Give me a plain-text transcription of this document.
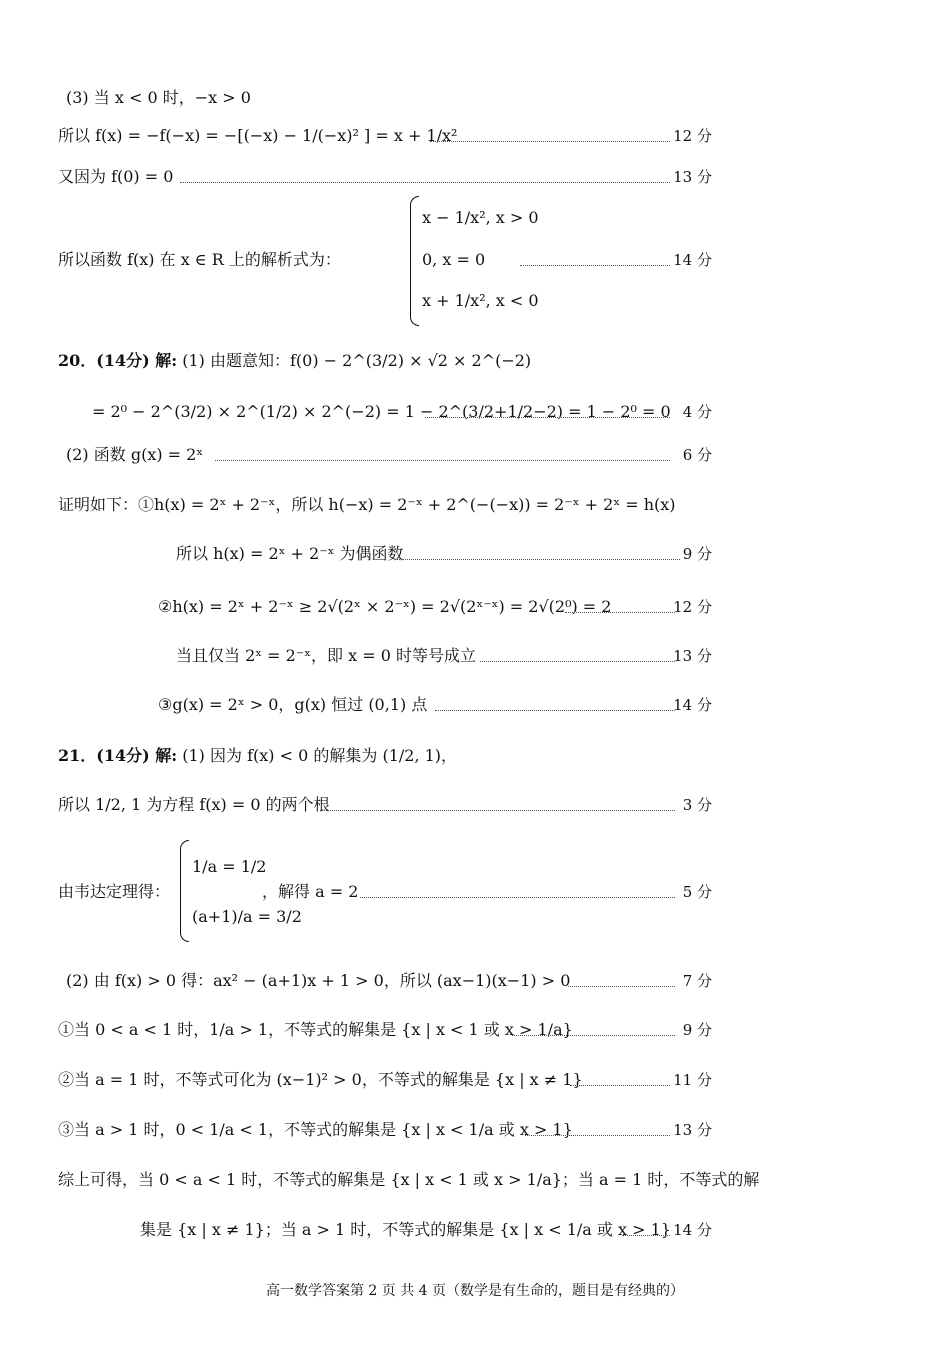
(3) 当 x < 0 时，−x > 0
所以 f(x) = −f(−x) = −[(−x) − 1/(−x)² ] = x + 1/x²	12 分
又因为 f(0) = 0	13 分
所以函数 f(x) 在 x ∈ R 上的解析式为：
x − 1/x², x > 0
0, x = 0
x + 1/x², x < 0
14 分
20．(14分) 解: (1) 由题意知：f(0) − 2^(3/2) × √2 × 2^(−2)
= 2⁰ − 2^(3/2) × 2^(1/2) × 2^(−2) = 1 − 2^(3/2+1/2−2) = 1 − 2⁰ = 0 4 分
(2) 函数 g(x) = 2ˣ	6 分
证明如下：①h(x) = 2ˣ + 2⁻ˣ，所以 h(−x) = 2⁻ˣ + 2^(−(−x)) = 2⁻ˣ + 2ˣ = h(x)
所以 h(x) = 2ˣ + 2⁻ˣ 为偶函数	9 分
②h(x) = 2ˣ + 2⁻ˣ ≥ 2√(2ˣ × 2⁻ˣ) = 2√(2ˣ⁻ˣ) = 2√(2⁰) = 2	12 分
当且仅当 2ˣ = 2⁻ˣ，即 x = 0 时等号成立	13 分
③g(x) = 2ˣ > 0，g(x) 恒过 (0,1) 点	14 分
21．(14分) 解: (1) 因为 f(x) < 0 的解集为 (1/2, 1)，
所以 1/2, 1 为方程 f(x) = 0 的两个根	3 分
由韦达定理得：
1/a = 1/2
(a+1)/a = 3/2
，解得 a = 2	5 分
(2) 由 f(x) > 0 得：ax² − (a+1)x + 1 > 0，所以 (ax−1)(x−1) > 0	7 分
①当 0 < a < 1 时，1/a > 1，不等式的解集是 {x | x < 1 或 x > 1/a}	9 分
②当 a = 1 时，不等式可化为 (x−1)² > 0，不等式的解集是 {x | x ≠ 1}	11 分
③当 a > 1 时，0 < 1/a < 1，不等式的解集是 {x | x < 1/a 或 x > 1}	13 分
综上可得，当 0 < a < 1 时，不等式的解集是 {x | x < 1 或 x > 1/a}；当 a = 1 时，不等式的解
集是 {x | x ≠ 1}；当 a > 1 时，不等式的解集是 {x | x < 1/a 或 x > 1} 14 分
高一数学答案第 2 页 共 4 页（数学是有生命的，题目是有经典的）
